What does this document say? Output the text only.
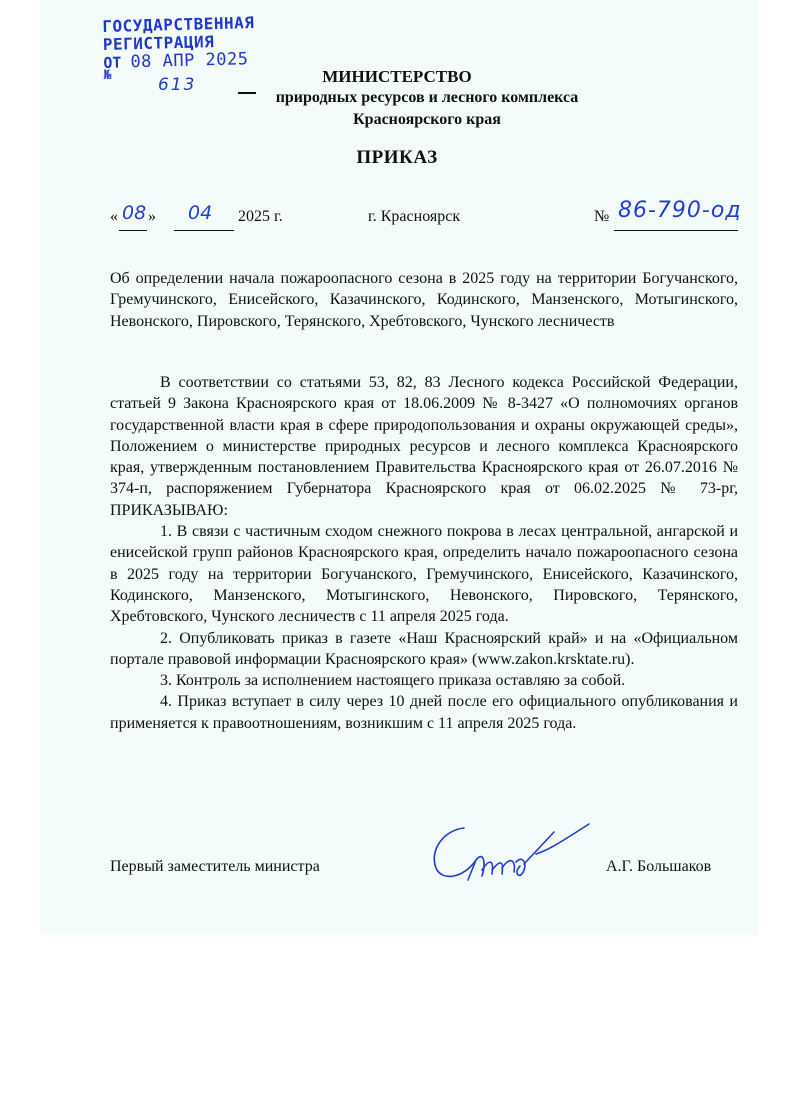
ГОСУДАРСТВЕННАЯ
РЕГИСТРАЦИЯ
ОТ 08 АПР 2025
№	613	МИНИСТЕРСТВО
природных ресурсов и лесного комплекса
Красноярского края
ПРИКАЗ
« 08 » 04 2025 г.	г. Красноярск	№ 86-790-од
Об определении начала пожароопасного сезона в 2025 году на территории Богучанского, Гремучинского, Енисейского, Казачинского, Кодинского, Манзенского, Мотыгинского, Невонского, Пировского, Терянского, Хребтовского, Чунского лесничеств

В соответствии со статьями 53, 82, 83 Лесного кодекса Российской Федерации, статьей 9 Закона Красноярского края от 18.06.2009 № 8-3427 «О полномочиях органов государственной власти края в сфере природопользования и охраны окружающей среды», Положением о министерстве природных ресурсов и лесного комплекса Красноярского края, утвержденным постановлением Правительства Красноярского края от 26.07.2016 № 374-п, распоряжением Губернатора Красноярского края от 06.02.2025 № 73-рг, ПРИКАЗЫВАЮ:

1. В связи с частичным сходом снежного покрова в лесах центральной, ангарской и енисейской групп районов Красноярского края, определить начало пожароопасного сезона в 2025 году на территории Богучанского, Гремучинского, Енисейского, Казачинского, Кодинского, Манзенского, Мотыгинского, Невонского, Пировского, Терянского, Хребтовского, Чунского лесничеств с 11 апреля 2025 года.

2. Опубликовать приказ в газете «Наш Красноярский край» и на «Официальном портале правовой информации Красноярского края» (www.zakon.krsktate.ru).

3. Контроль за исполнением настоящего приказа оставляю за собой.

4. Приказ вступает в силу через 10 дней после его официального опубликования и применяется к правоотношениям, возникшим с 11 апреля 2025 года.

Первый заместитель министра	А.Г. Большаков
